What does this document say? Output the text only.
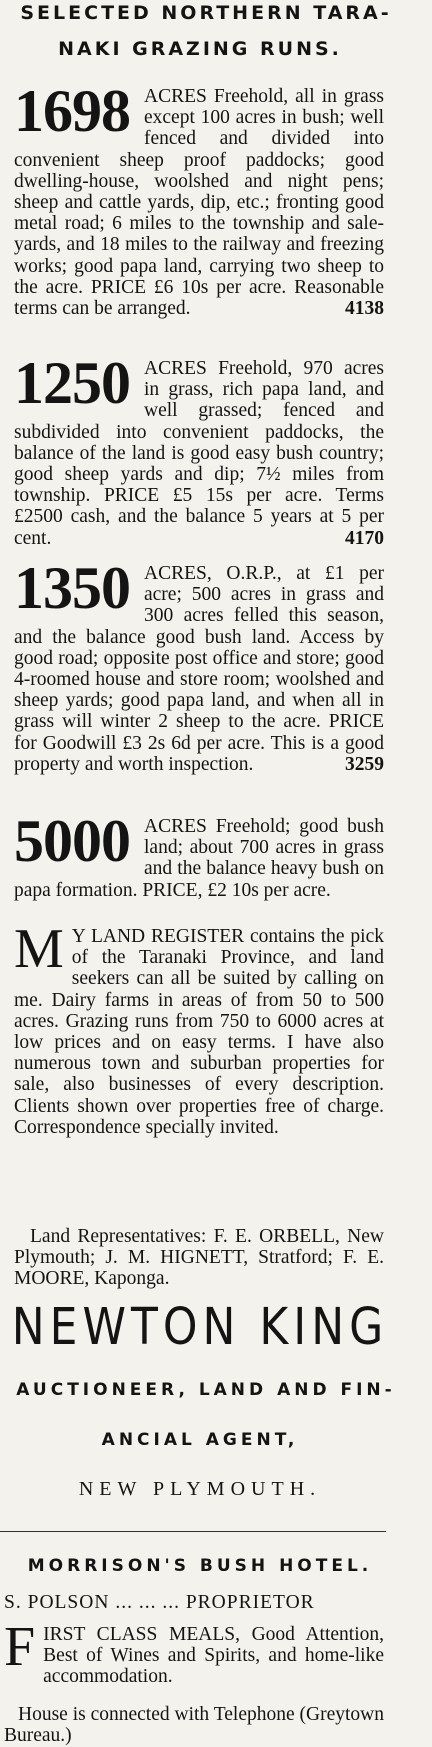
SELECTED NORTHERN TARA-
NAKI GRAZING RUNS.
1698 ACRES Freehold, all in grass except 100 acres in bush; well fenced and divided into convenient sheep proof paddocks; good dwelling-house, woolshed and night pens; sheep and cattle yards, dip, etc.; fronting good metal road; 6 miles to the township and sale-yards, and 18 miles to the railway and freezing works; good papa land, carrying two sheep to the acre. PRICE £6 10s per acre. Reasonable terms can be arranged.	4138
1250 ACRES Freehold, 970 acres in grass, rich papa land, and well grassed; fenced and subdivided into convenient paddocks, the balance of the land is good easy bush country; good sheep yards and dip; 7½ miles from township. PRICE £5 15s per acre. Terms £2500 cash, and the balance 5 years at 5 per cent.	4170
1350 ACRES, O.R.P., at £1 per acre; 500 acres in grass and 300 acres felled this season, and the balance good bush land. Access by good road; opposite post office and store; good 4-roomed house and store room; woolshed and sheep yards; good papa land, and when all in grass will winter 2 sheep to the acre. PRICE for Goodwill £3 2s 6d per acre. This is a good property and worth inspection.	3259
5000 ACRES Freehold; good bush land; about 700 acres in grass and the balance heavy bush on papa formation. PRICE, £2 10s per acre.
M Y LAND REGISTER contains the pick of the Taranaki Province, and land seekers can all be suited by calling on me. Dairy farms in areas of from 50 to 500 acres. Grazing runs from 750 to 6000 acres at low prices and on easy terms. I have also numerous town and suburban properties for sale, also businesses of every description. Clients shown over properties free of charge. Correspondence specially invited.
Land Representatives: F. E. ORBELL, New Plymouth; J. M. HIGNETT, Stratford; F. E. MOORE, Kaponga.
NEWTON KING
AUCTIONEER, LAND AND FIN-
ANCIAL AGENT,
NEW PLYMOUTH.
MORRISON'S BUSH HOTEL.
S. POLSON ... ... ... PROPRIETOR
F IRST CLASS MEALS, Good Attention, Best of Wines and Spirits, and home-like accommodation.
House is connected with Telephone (Greytown Bureau.)
